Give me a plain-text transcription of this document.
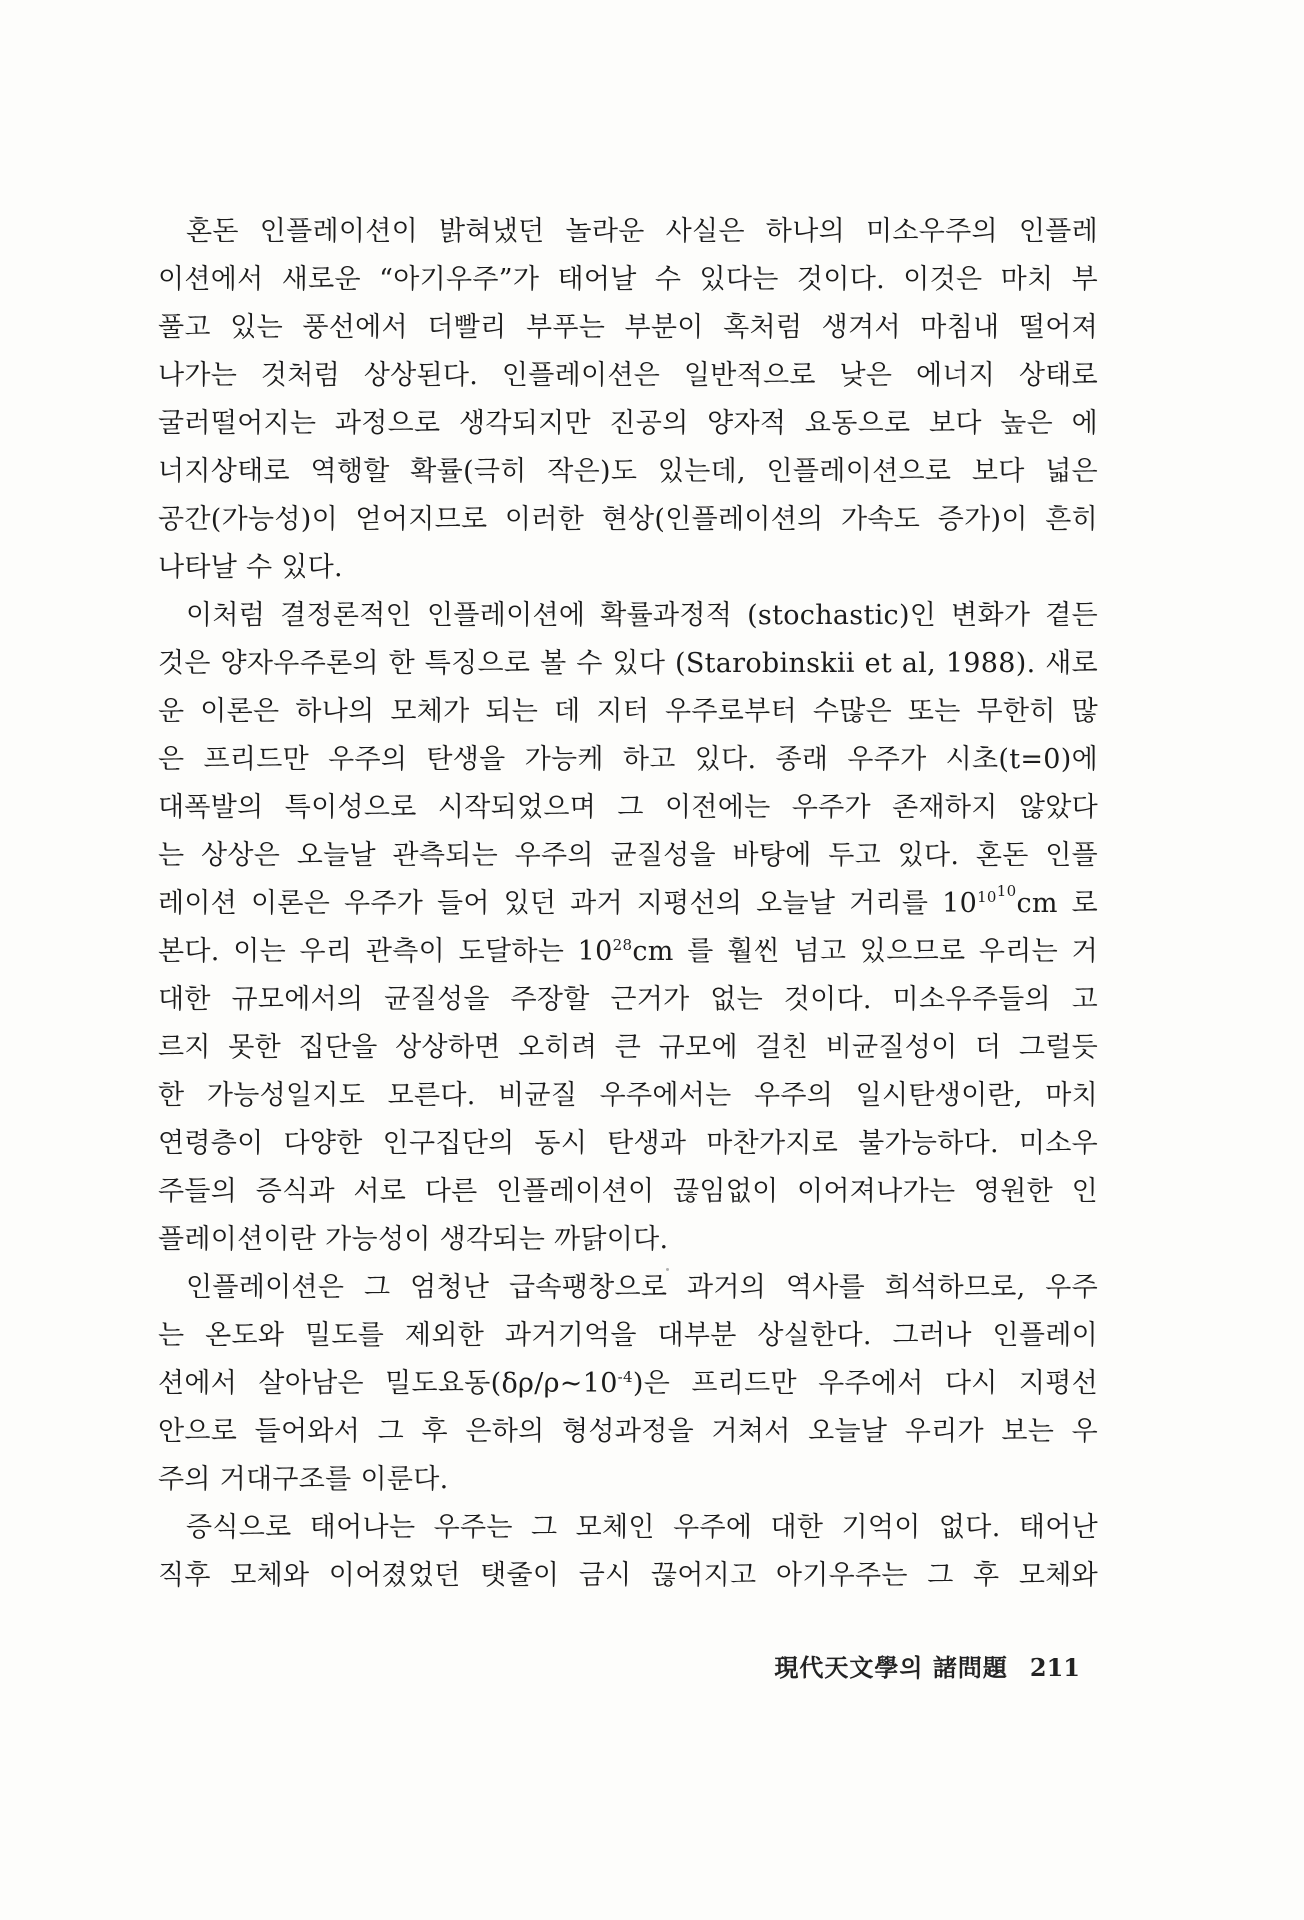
혼돈 인플레이션이 밝혀냈던 놀라운 사실은 하나의 미소우주의 인플레
이션에서 새로운 “아기우주”가 태어날 수 있다는 것이다. 이것은 마치 부
풀고 있는 풍선에서 더빨리 부푸는 부분이 혹처럼 생겨서 마침내 떨어져
나가는 것처럼 상상된다. 인플레이션은 일반적으로 낮은 에너지 상태로
굴러떨어지는 과정으로 생각되지만 진공의 양자적 요동으로 보다 높은 에
너지상태로 역행할 확률(극히 작은)도 있는데, 인플레이션으로 보다 넓은
공간(가능성)이 얻어지므로 이러한 현상(인플레이션의 가속도 증가)이 흔히
나타날 수 있다.
이처럼 결정론적인 인플레이션에 확률과정적 (stochastic)인 변화가 곁든
것은 양자우주론의 한 특징으로 볼 수 있다 (Starobinskii et al, 1988). 새로
운 이론은 하나의 모체가 되는 데 지터 우주로부터 수많은 또는 무한히 많
은 프리드만 우주의 탄생을 가능케 하고 있다. 종래 우주가 시초(t=0)에
대폭발의 특이성으로 시작되었으며 그 이전에는 우주가 존재하지 않았다
는 상상은 오늘날 관측되는 우주의 균질성을 바탕에 두고 있다. 혼돈 인플
레이션 이론은 우주가 들어 있던 과거 지평선의 오늘날 거리를 $10^{1010}cm$ 로
본다. 이는 우리 관측이 도달하는 $10^{28}cm$ 를 훨씬 넘고 있으므로 우리는 거
대한 규모에서의 균질성을 주장할 근거가 없는 것이다. 미소우주들의 고
르지 못한 집단을 상상하면 오히려 큰 규모에 걸친 비균질성이 더 그럴듯
한 가능성일지도 모른다. 비균질 우주에서는 우주의 일시탄생이란, 마치
연령층이 다양한 인구집단의 동시 탄생과 마찬가지로 불가능하다. 미소우
주들의 증식과 서로 다른 인플레이션이 끊임없이 이어져나가는 영원한 인
플레이션이란 가능성이 생각되는 까닭이다.
인플레이션은 그 엄청난 급속팽창으로 과거의 역사를 희석하므로, 우주
는 온도와 밀도를 제외한 과거기억을 대부분 상실한다. 그러나 인플레이
션에서 살아남은 밀도요동$(\delta\rho/\rho\sim 10^{-4})$은 프리드만 우주에서 다시 지평선
안으로 들어와서 그 후 은하의 형성과정을 거쳐서 오늘날 우리가 보는 우
주의 거대구조를 이룬다.
증식으로 태어나는 우주는 그 모체인 우주에 대한 기억이 없다. 태어난
직후 모체와 이어졌었던 탯줄이 금시 끊어지고 아기우주는 그 후 모체와
現代天文學의 諸問題 211
